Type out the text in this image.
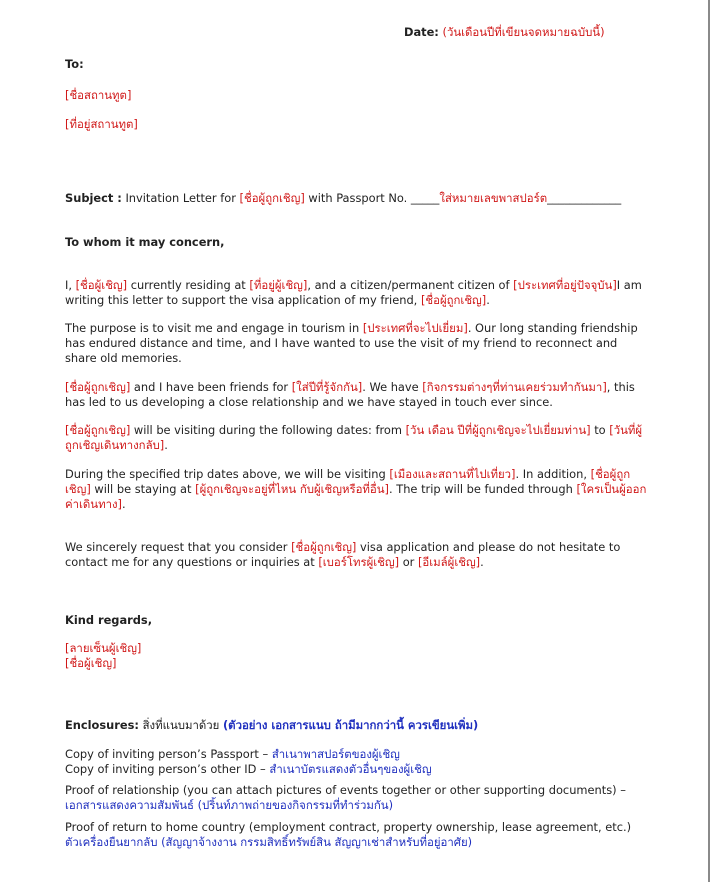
Date: (วันเดือนปีที่เขียนจดหมายฉบับนี้)
To:
[ชื่อสถานทูต]
[ที่อยู่สถานทูต]
Subject : Invitation Letter for [ชื่อผู้ถูกเชิญ] with Passport No. _____ใส่หมายเลขพาสปอร์ต_____________
To whom it may concern,
I, [ชื่อผู้เชิญ] currently residing at [ที่อยู่ผู้เชิญ], and a citizen/permanent citizen of [ประเทศที่อยู่ปัจจุบัน]I am writing this letter to support the visa application of my friend, [ชื่อผู้ถูกเชิญ].
The purpose is to visit me and engage in tourism in [ประเทศที่จะไปเยี่ยม]. Our long standing friendship has endured distance and time, and I have wanted to use the visit of my friend to reconnect and share old memories.
[ชื่อผู้ถูกเชิญ] and I have been friends for [ใส่ปีที่รู้จักกัน]. We have [กิจกรรมต่างๆที่ท่านเคยร่วมทำกันมา], this has led to us developing a close relationship and we have stayed in touch ever since.
[ชื่อผู้ถูกเชิญ] will be visiting during the following dates: from [วัน เดือน ปีที่ผู้ถูกเชิญจะไปเยี่ยมท่าน] to [วันที่ผู้ถูกเชิญเดินทางกลับ].
During the specified trip dates above, we will be visiting [เมืองและสถานที่ไปเที่ยว]. In addition, [ชื่อผู้ถูกเชิญ] will be staying at [ผู้ถูกเชิญจะอยู่ที่ไหน กับผู้เชิญหรือที่อื่น]. The trip will be funded through [ใครเป็นผู้ออกค่าเดินทาง].
We sincerely request that you consider [ชื่อผู้ถูกเชิญ] visa application and please do not hesitate to contact me for any questions or inquiries at [เบอร์โทรผู้เชิญ] or [อีเมล์ผู้เชิญ].
Kind regards,
[ลายเซ็นผู้เชิญ]
[ชื่อผู้เชิญ]
Enclosures: สิ่งที่แนบมาด้วย (ตัวอย่าง เอกสารแนบ ถ้ามีมากกว่านี้ ควรเขียนเพิ่ม)
Copy of inviting person’s Passport – สำเนาพาสปอร์ตของผู้เชิญ
Copy of inviting person’s other ID – สำเนาบัตรแสดงตัวอื่นๆของผู้เชิญ
Proof of relationship (you can attach pictures of events together or other supporting documents) – เอกสารแสดงความสัมพันธ์ (ปริ้นท์ภาพถ่ายของกิจกรรมที่ทำร่วมกัน)
Proof of return to home country (employment contract, property ownership, lease agreement, etc.)
ตัวเครื่องยืนยากลับ (สัญญาจ้างงาน กรรมสิทธิ์ทรัพย์สิน สัญญาเช่าสำหรับที่อยู่อาศัย)
